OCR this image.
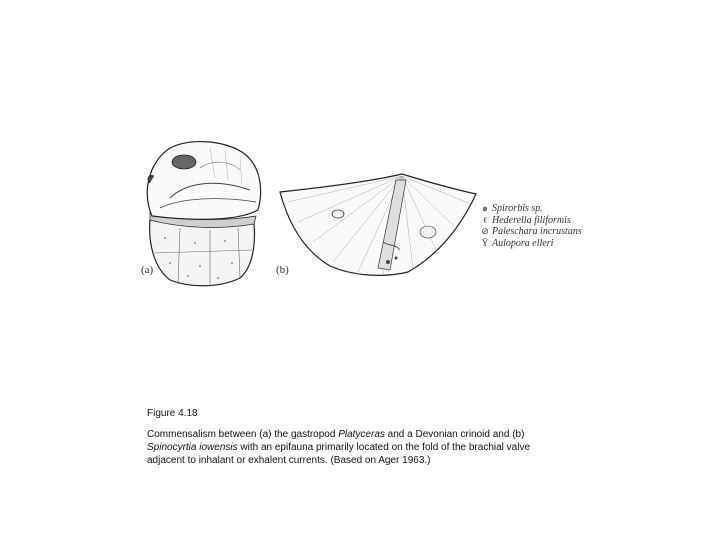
(a)	(b)
๑ Spirorbis sp.
ℓ Hederella filiformis
⊘ Paleschara incrustans
Ϋ Aulopora elleri
Figure 4.18
Commensalism between (a) the gastropod Platyceras and a Devonian crinoid and (b) Spinocyrtia iowensis with an epifauna primarily located on the fold of the brachial valve adjacent to inhalant or exhalent currents. (Based on Ager 1963.)
